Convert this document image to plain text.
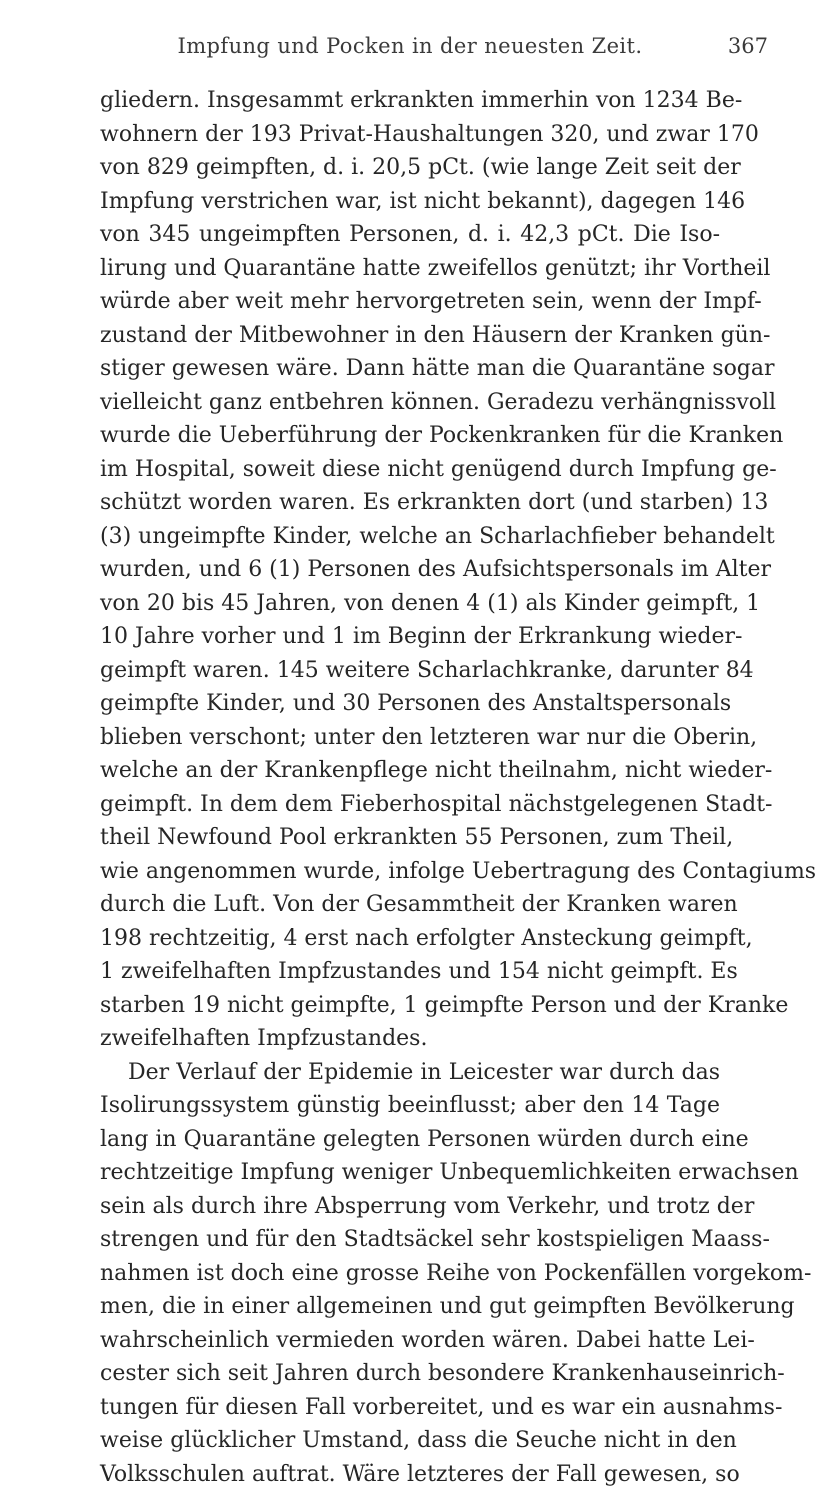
Impfung und Pocken in der neuesten Zeit.	367
gliedern. Insgesammt erkrankten immerhin von 1234 Be-
wohnern der 193 Privat-Haushaltungen 320, und zwar 170
von 829 geimpften, d. i. 20,5 pCt. (wie lange Zeit seit der
Impfung verstrichen war, ist nicht bekannt), dagegen 146
von 345 ungeimpften Personen, d. i. 42,3 pCt. Die Iso-
lirung und Quarantäne hatte zweifellos genützt; ihr Vortheil
würde aber weit mehr hervorgetreten sein, wenn der Impf-
zustand der Mitbewohner in den Häusern der Kranken gün-
stiger gewesen wäre. Dann hätte man die Quarantäne sogar
vielleicht ganz entbehren können. Geradezu verhängnissvoll
wurde die Ueberführung der Pockenkranken für die Kranken
im Hospital, soweit diese nicht genügend durch Impfung ge-
schützt worden waren. Es erkrankten dort (und starben) 13
(3) ungeimpfte Kinder, welche an Scharlachfieber behandelt
wurden, und 6 (1) Personen des Aufsichtspersonals im Alter
von 20 bis 45 Jahren, von denen 4 (1) als Kinder geimpft, 1
10 Jahre vorher und 1 im Beginn der Erkrankung wieder-
geimpft waren. 145 weitere Scharlachkranke, darunter 84
geimpfte Kinder, und 30 Personen des Anstaltspersonals
blieben verschont; unter den letzteren war nur die Oberin,
welche an der Krankenpflege nicht theilnahm, nicht wieder-
geimpft. In dem dem Fieberhospital nächstgelegenen Stadt-
theil Newfound Pool erkrankten 55 Personen, zum Theil,
wie angenommen wurde, infolge Uebertragung des Contagiums
durch die Luft. Von der Gesammtheit der Kranken waren
198 rechtzeitig, 4 erst nach erfolgter Ansteckung geimpft,
1 zweifelhaften Impfzustandes und 154 nicht geimpft. Es
starben 19 nicht geimpfte, 1 geimpfte Person und der Kranke
zweifelhaften Impfzustandes.
Der Verlauf der Epidemie in Leicester war durch das
Isolirungssystem günstig beeinflusst; aber den 14 Tage
lang in Quarantäne gelegten Personen würden durch eine
rechtzeitige Impfung weniger Unbequemlichkeiten erwachsen
sein als durch ihre Absperrung vom Verkehr, und trotz der
strengen und für den Stadtsäckel sehr kostspieligen Maass-
nahmen ist doch eine grosse Reihe von Pockenfällen vorgekom-
men, die in einer allgemeinen und gut geimpften Bevölkerung
wahrscheinlich vermieden worden wären. Dabei hatte Lei-
cester sich seit Jahren durch besondere Krankenhauseinrich-
tungen für diesen Fall vorbereitet, und es war ein ausnahms-
weise glücklicher Umstand, dass die Seuche nicht in den
Volksschulen auftrat. Wäre letzteres der Fall gewesen, so
